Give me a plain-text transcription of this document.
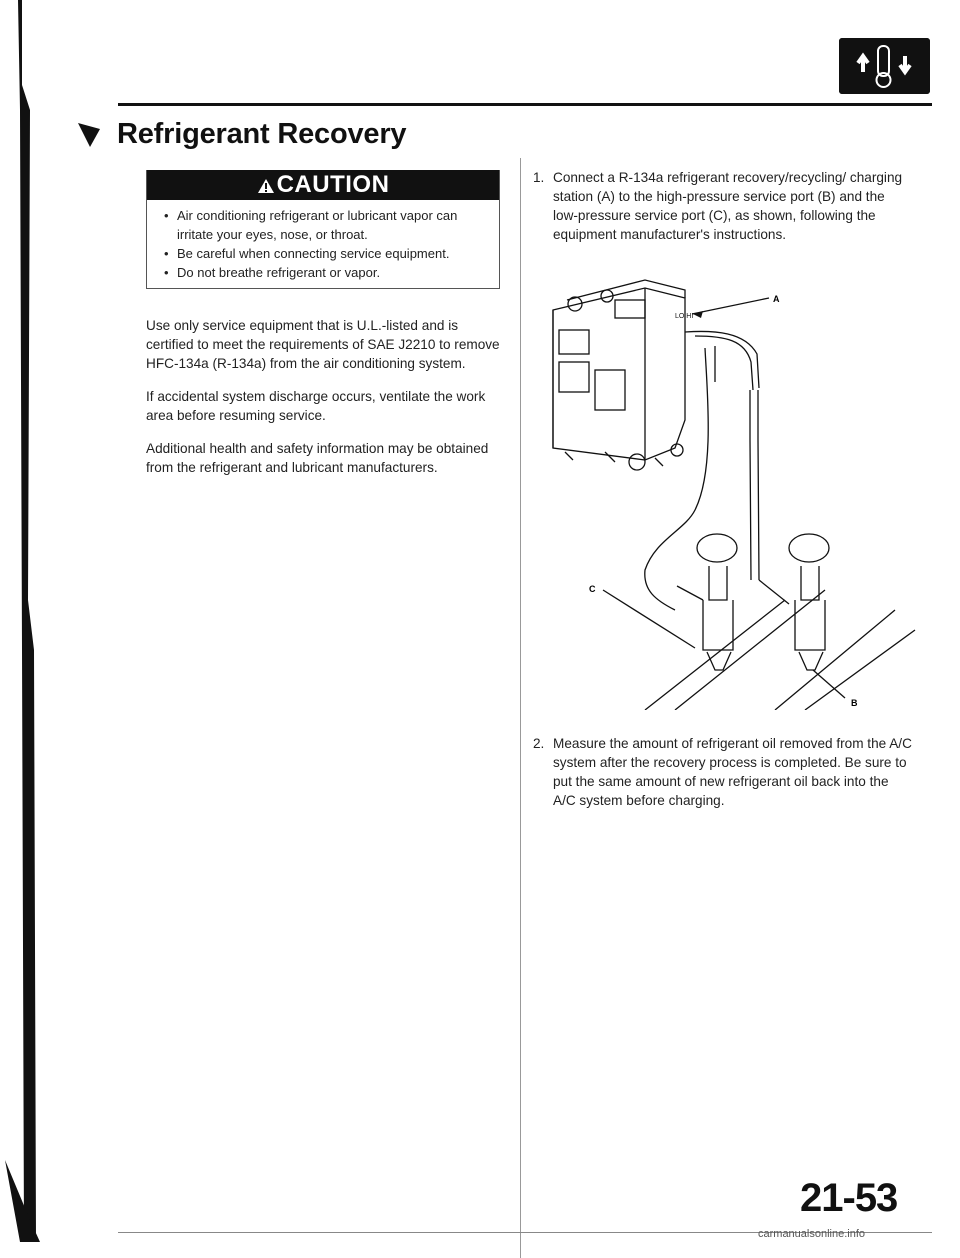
Refrigerant Recovery
CAUTION
• Air conditioning refrigerant or lubricant vapor can irritate your eyes, nose, or throat.
• Be careful when connecting service equipment.
• Do not breathe refrigerant or vapor.

Use only service equipment that is U.L.-listed and is certified to meet the requirements of SAE J2210 to remove HFC-134a (R-134a) from the air conditioning system.

If accidental system discharge occurs, ventilate the work area before resuming service.

Additional health and safety information may be obtained from the refrigerant and lubricant manufacturers.

1. Connect a R-134a refrigerant recovery/recycling/ charging station (A) to the high-pressure service port (B) and the low-pressure service port (C), as shown, following the equipment manufacturer's instructions.
LO HI
A
C
B
2. Measure the amount of refrigerant oil removed from the A/C system after the recovery process is completed. Be sure to put the same amount of new refrigerant oil back into the A/C system before charging.
21-53
carmanualsonline.info
